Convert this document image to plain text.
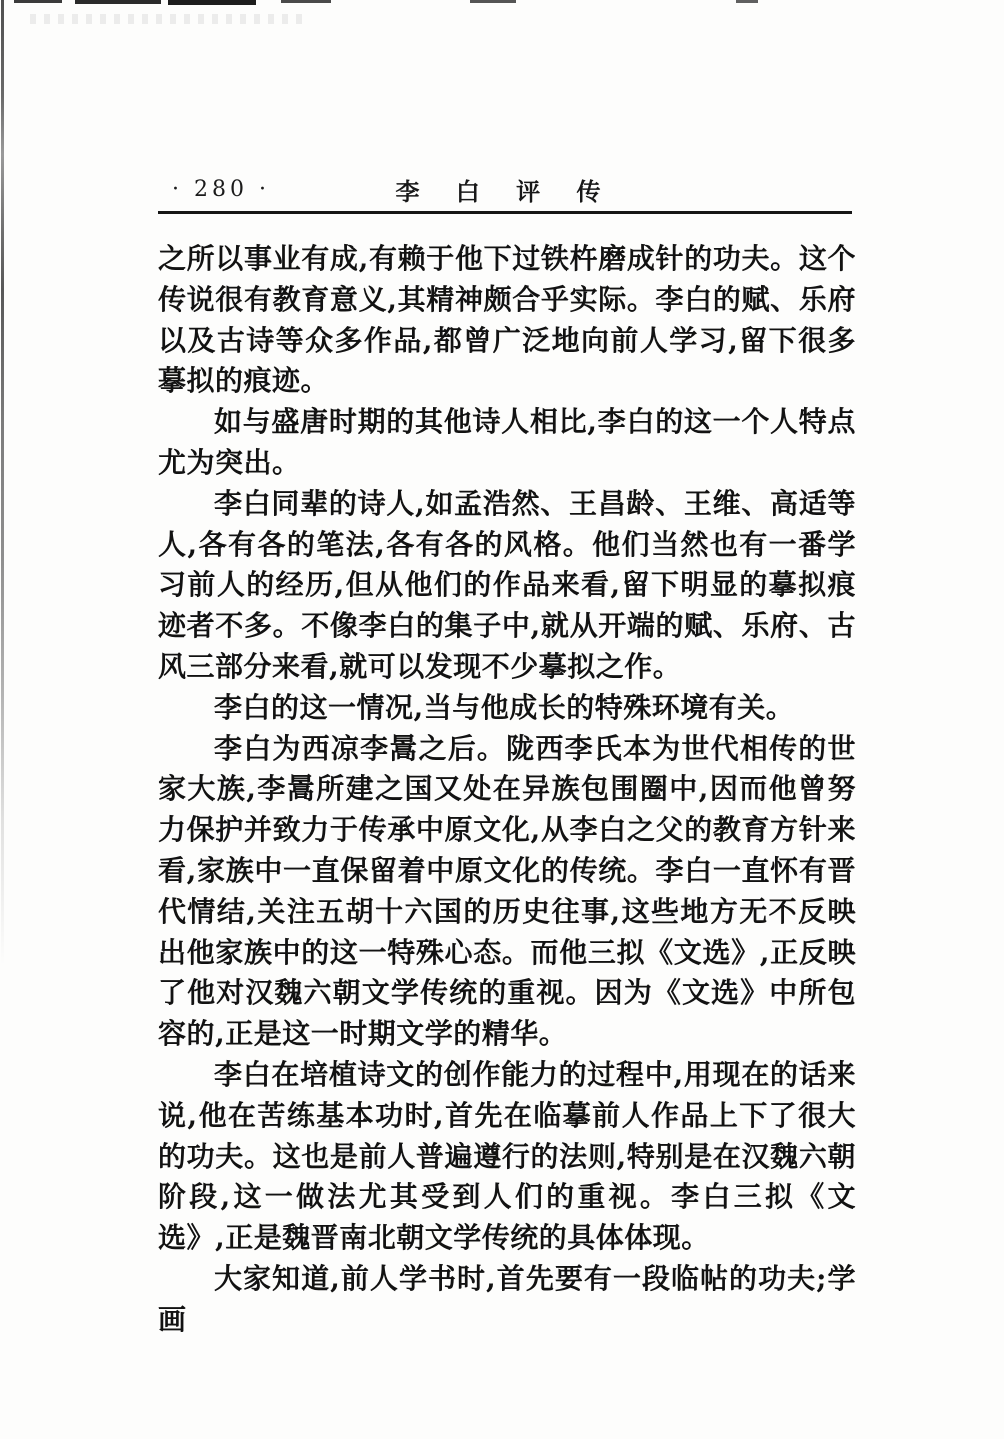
· 280 ·	李 白 评 传

之所以事业有成,有赖于他下过铁杵磨成针的功夫。这个传说很有教育意义,其精神颇合乎实际。李白的赋、乐府以及古诗等众多作品,都曾广泛地向前人学习,留下很多摹拟的痕迹。

如与盛唐时期的其他诗人相比,李白的这一个人特点尤为突出。

李白同辈的诗人,如孟浩然、王昌龄、王维、高适等人,各有各的笔法,各有各的风格。他们当然也有一番学习前人的经历,但从他们的作品来看,留下明显的摹拟痕迹者不多。不像李白的集子中,就从开端的赋、乐府、古风三部分来看,就可以发现不少摹拟之作。

李白的这一情况,当与他成长的特殊环境有关。

李白为西凉李暠之后。陇西李氏本为世代相传的世家大族,李暠所建之国又处在异族包围圈中,因而他曾努力保护并致力于传承中原文化,从李白之父的教育方针来看,家族中一直保留着中原文化的传统。李白一直怀有晋代情结,关注五胡十六国的历史往事,这些地方无不反映出他家族中的这一特殊心态。而他三拟《文选》,正反映了他对汉魏六朝文学传统的重视。因为《文选》中所包容的,正是这一时期文学的精华。

李白在培植诗文的创作能力的过程中,用现在的话来说,他在苦练基本功时,首先在临摹前人作品上下了很大的功夫。这也是前人普遍遵行的法则,特别是在汉魏六朝阶段,这一做法尤其受到人们的重视。李白三拟《文选》,正是魏晋南北朝文学传统的具体体现。

大家知道,前人学书时,首先要有一段临帖的功夫;学画
